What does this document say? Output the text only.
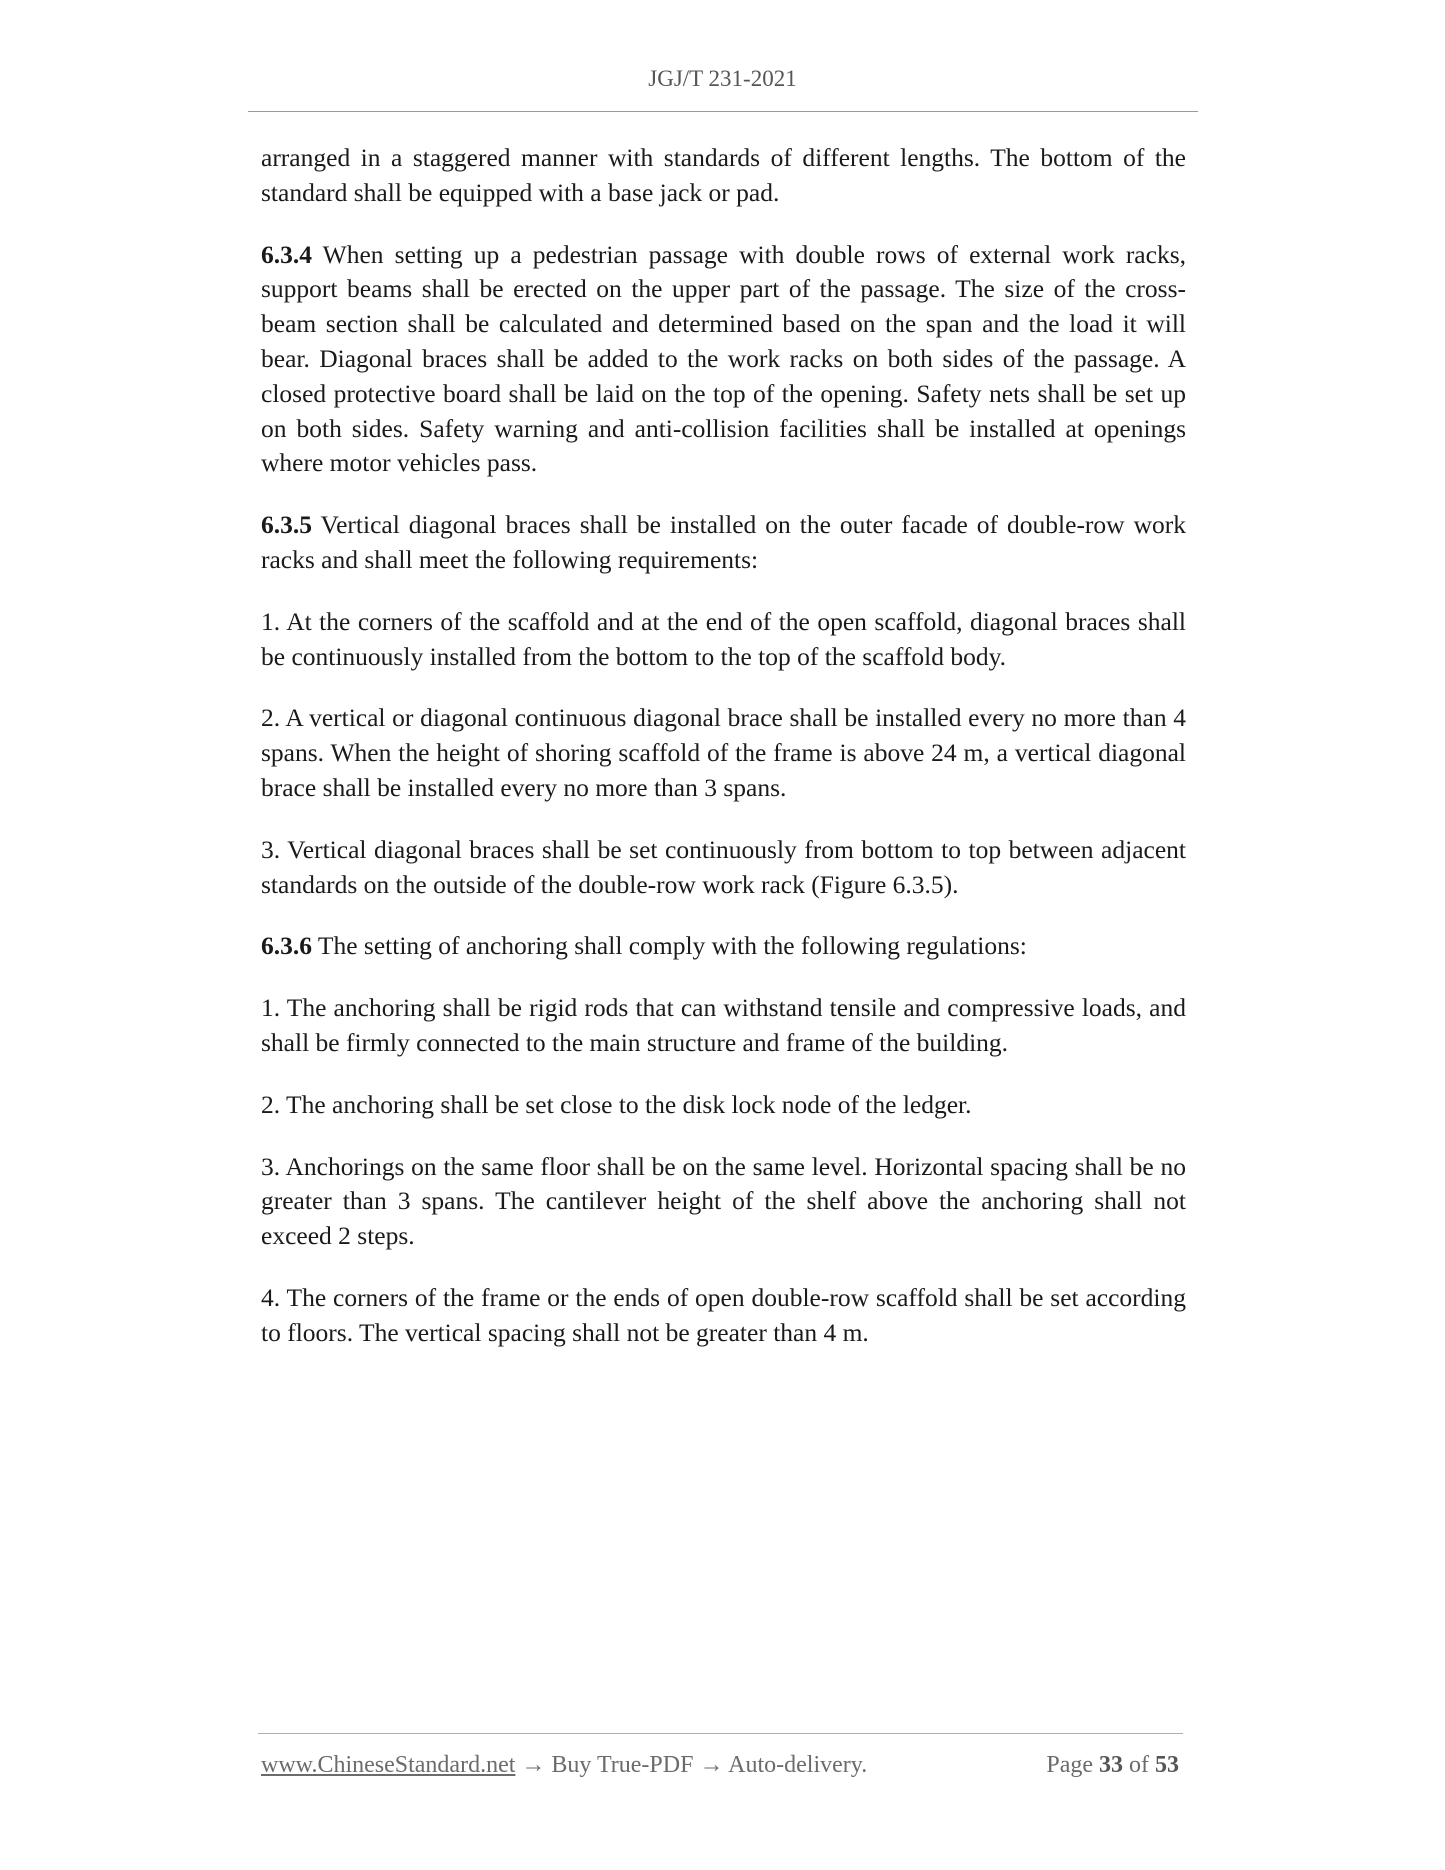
JGJ/T 231-2021

arranged in a staggered manner with standards of different lengths. The bottom of the standard shall be equipped with a base jack or pad.

6.3.4 When setting up a pedestrian passage with double rows of external work racks, support beams shall be erected on the upper part of the passage. The size of the cross-beam section shall be calculated and determined based on the span and the load it will bear. Diagonal braces shall be added to the work racks on both sides of the passage. A closed protective board shall be laid on the top of the opening. Safety nets shall be set up on both sides. Safety warning and anti-collision facilities shall be installed at openings where motor vehicles pass.

6.3.5 Vertical diagonal braces shall be installed on the outer facade of double-row work racks and shall meet the following requirements:

1. At the corners of the scaffold and at the end of the open scaffold, diagonal braces shall be continuously installed from the bottom to the top of the scaffold body.

2. A vertical or diagonal continuous diagonal brace shall be installed every no more than 4 spans. When the height of shoring scaffold of the frame is above 24 m, a vertical diagonal brace shall be installed every no more than 3 spans.

3. Vertical diagonal braces shall be set continuously from bottom to top between adjacent standards on the outside of the double-row work rack (Figure 6.3.5).

6.3.6 The setting of anchoring shall comply with the following regulations:

1. The anchoring shall be rigid rods that can withstand tensile and compressive loads, and shall be firmly connected to the main structure and frame of the building.

2. The anchoring shall be set close to the disk lock node of the ledger.

3. Anchorings on the same floor shall be on the same level. Horizontal spacing shall be no greater than 3 spans. The cantilever height of the shelf above the anchoring shall not exceed 2 steps.

4. The corners of the frame or the ends of open double-row scaffold shall be set according to floors. The vertical spacing shall not be greater than 4 m.

www.ChineseStandard.net → Buy True-PDF → Auto-delivery.	Page 33 of 53
